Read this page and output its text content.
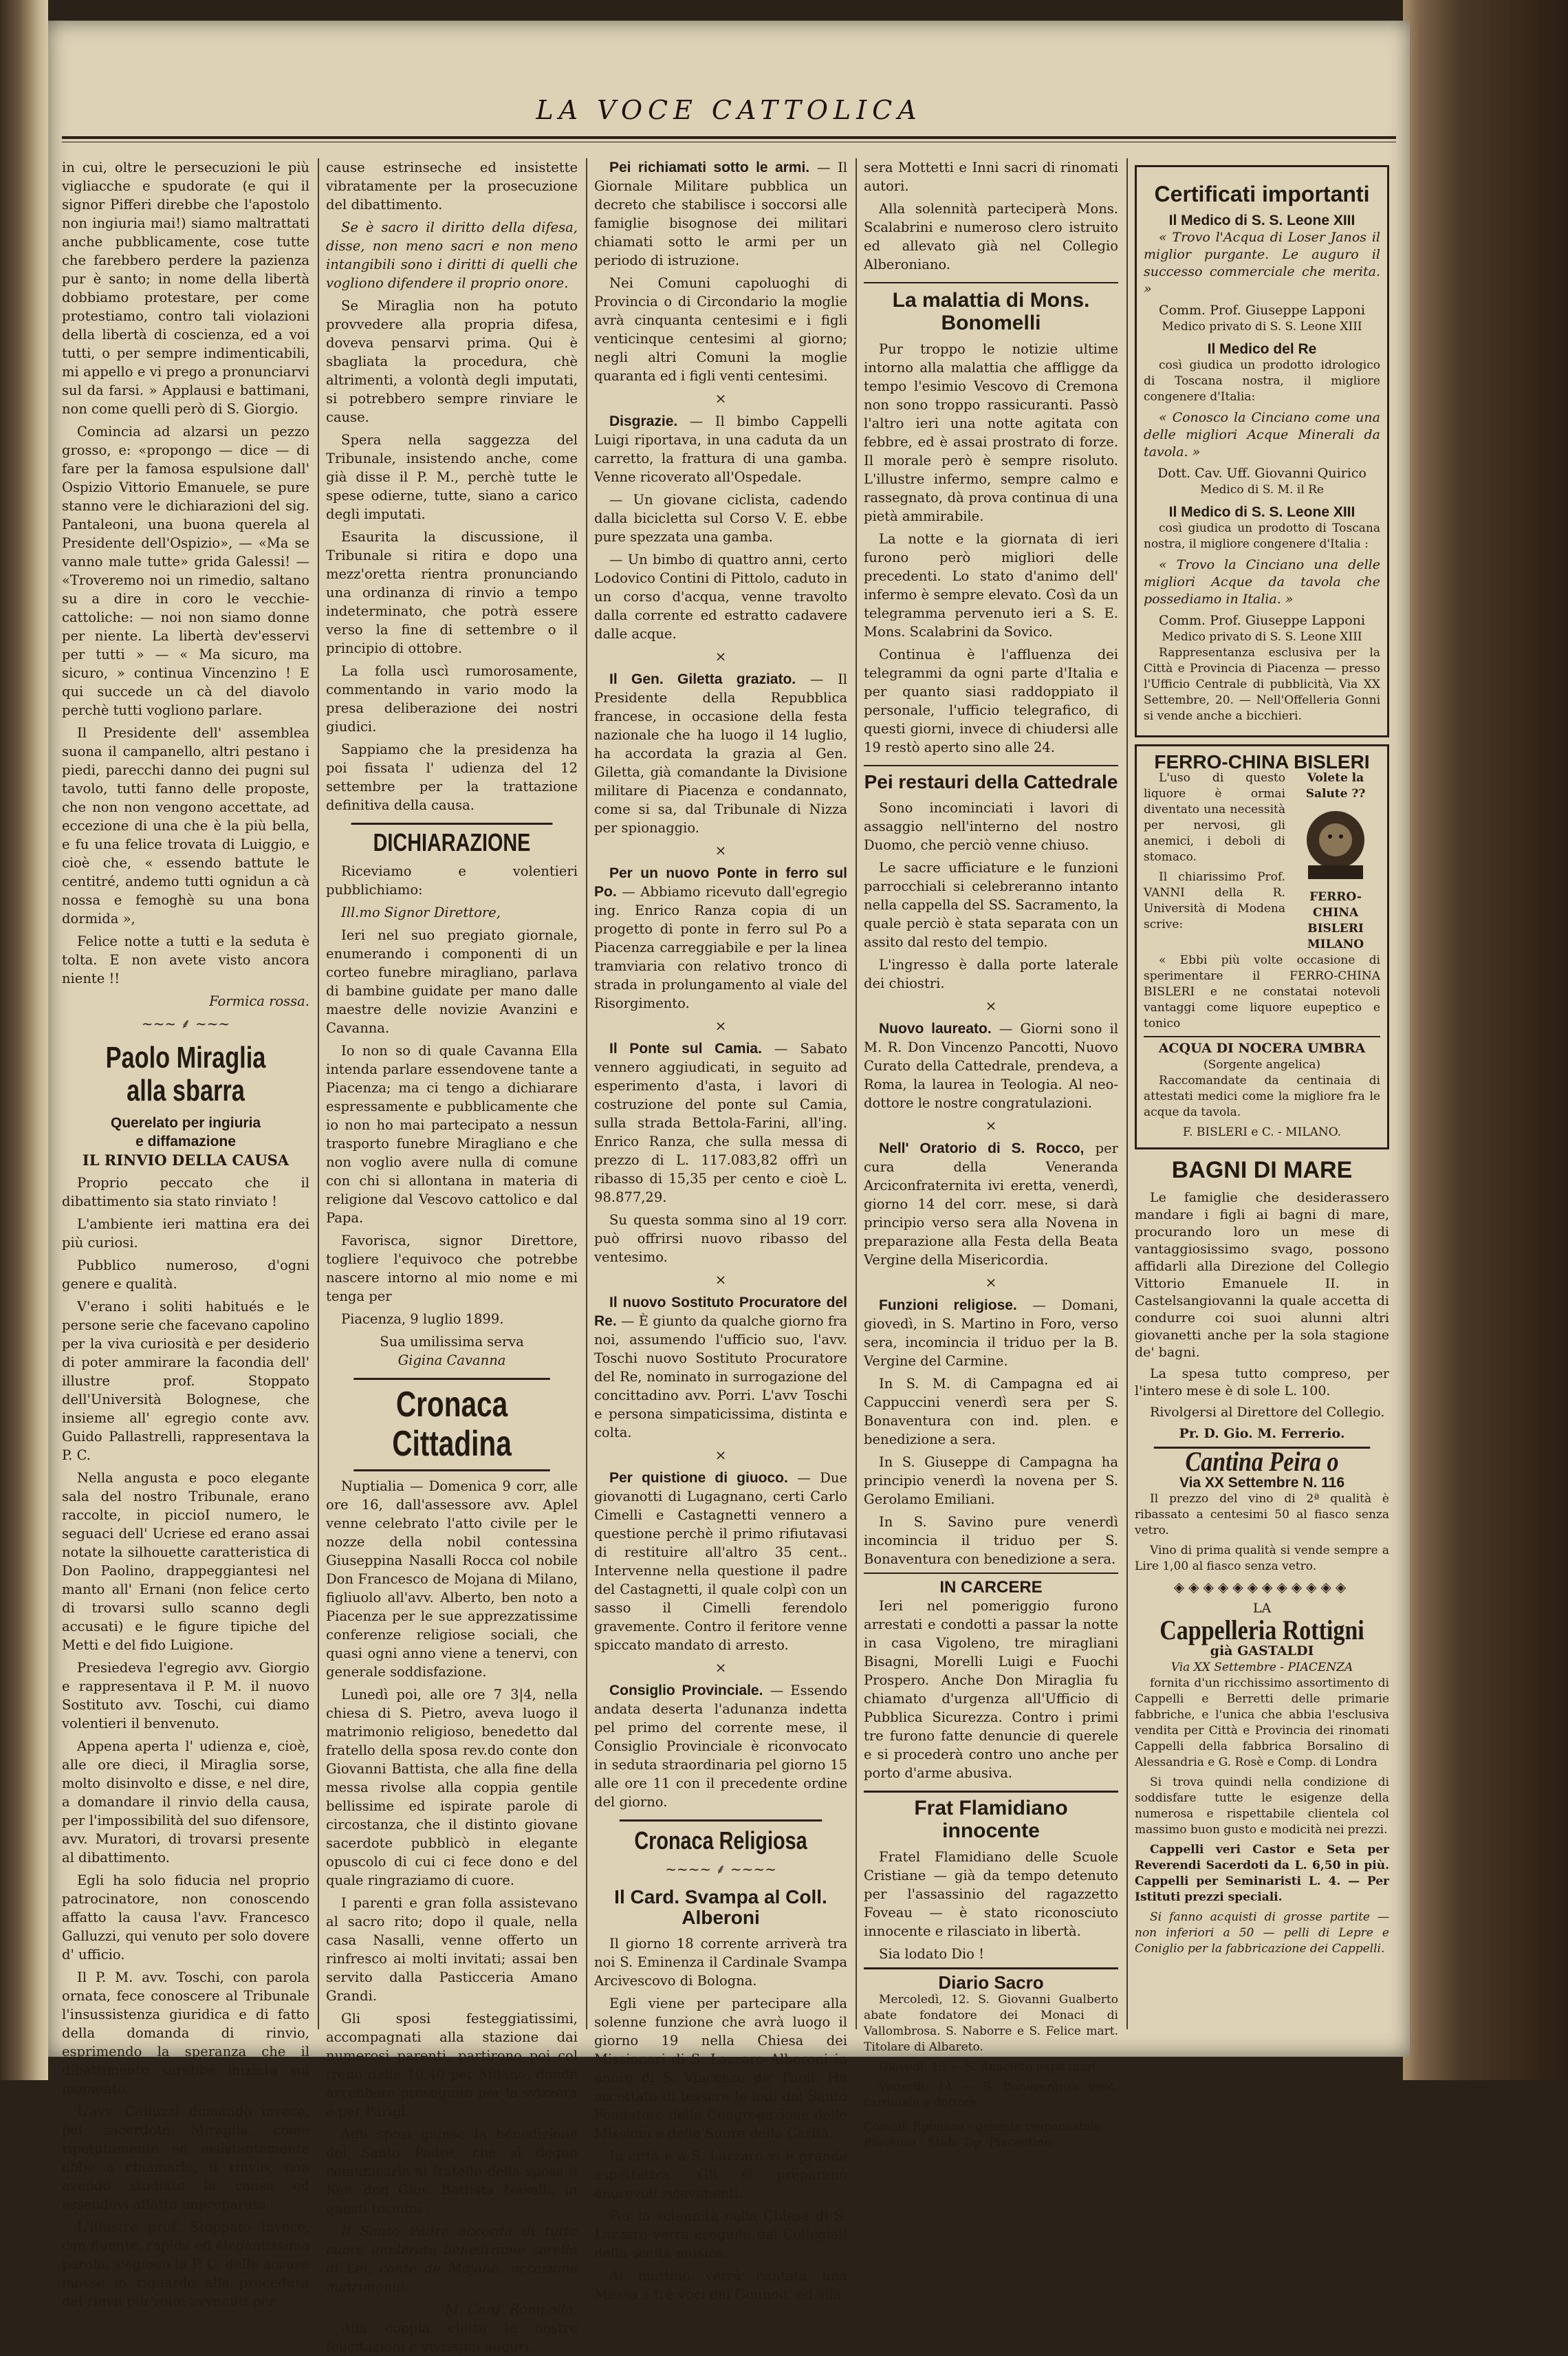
LA VOCE CATTOLICA

in cui, oltre le persecuzioni le più vigliacche e spudorate (e qui il signor Pifferi direbbe che l'apostolo non ingiuria mai!) siamo maltrattati anche pubblicamente, cose tutte che farebbero perdere la pazienza pur è santo; in nome della libertà dobbiamo protestare, per come protestiamo, contro tali violazioni della libertà di coscienza, ed a voi tutti, o per sempre indimenticabili, mi appello e vi prego a pronunciarvi sul da farsi. » Applausi e battimani, non come quelli però di S. Giorgio.

Comincia ad alzarsi un pezzo grosso, e: «propongo — dice — di fare per la famosa espulsione dall' Ospizio Vittorio Emanuele, se pure stanno vere le dichiarazioni del sig. Pantaleoni, una buona querela al Presidente dell'Ospizio», — «Ma se vanno male tutte» grida Galessi! — «Troveremo noi un rimedio, saltano su a dire in coro le vecchie-cattoliche: — noi non siamo donne per niente. La libertà dev'esservi per tutti » — « Ma sicuro, ma sicuro, » continua Vincenzino ! E qui succede un cà del diavolo perchè tutti vogliono parlare.

Il Presidente dell' assemblea suona il campanello, altri pestano i piedi, parecchi danno dei pugni sul tavolo, tutti fanno delle proposte, che non non vengono accettate, ad eccezione di una che è la più bella, e fu una felice trovata di Luiggio, e cioè che, « essendo battute le centitré, andemo tutti ognidun a cà nossa e femoghè su una bona dormida »,

Felice notte a tutti e la seduta è tolta. E non avete visto ancora niente !!

Formica rossa.
~~~ ⸙ ~~~
Paolo Miraglia alla sbarra
Querelato per ingiuria
e diffamazione
IL RINVIO DELLA CAUSA

Proprio peccato che il dibattimento sia stato rinviato !

L'ambiente ieri mattina era dei più curiosi.

Pubblico numeroso, d'ogni genere e qualità.

V'erano i soliti habitués e le persone serie che facevano capolino per la viva curiosità e per desiderio di poter ammirare la facondia dell' illustre prof. Stoppato dell'Università Bolognese, che insieme all' egregio conte avv. Guido Pallastrelli, rappresentava la P. C.

Nella angusta e poco elegante sala del nostro Tribunale, erano raccolte, in piccioI numero, le seguaci dell' Ucriese ed erano assai notate la silhouette caratteristica di Don Paolino, drappeggiantesi nel manto all' Ernani (non felice certo di trovarsi sullo scanno degli accusati) e le figure tipiche del Metti e del fido Luigione.

Presiedeva l'egregio avv. Giorgio e rappresentava il P. M. il nuovo Sostituto avv. Toschi, cui diamo volentieri il benvenuto.

Appena aperta l' udienza e, cioè, alle ore dieci, il Miraglia sorse, molto disinvolto e disse, e nel dire, a domandare il rinvio della causa, per l'impossibilità del suo difensore, avv. Muratori, di trovarsi presente al dibattimento.

Egli ha solo fiducia nel proprio patrocinatore, non conoscendo affatto la causa l'avv. Francesco Galluzzi, qui venuto per solo dovere d' ufficio.

Il P. M. avv. Toschi, con parola ornata, fece conoscere al Tribunale l'insussistenza giuridica e di fatto della domanda di rinvio, esprimendo la speranza che il dibattimento sarebbe iniziato sul momento.

L'avv. Galluzzi domandò invece, pel sacerdote Miraglia, come ripetutamente ed insistentemente ebbe a chiamarlo, il rinvio, non avendo studiato la causa ed essendovi affatto impreparato.

L'illustre prof. Stoppato invece, con fluente, rapida ed elegantissima parola, s'agionò la P. C. delle accuse mosse in riguardo alla procedura dei rinvii più volte avvenuti per

cause estrinseche ed insistette vibratamente per la prosecuzione del dibattimento.

Se è sacro il diritto della difesa, disse, non meno sacri e non meno intangibili sono i diritti di quelli che vogliono difendere il proprio onore.

Se Miraglia non ha potuto provvedere alla propria difesa, doveva pensarvi prima. Qui è sbagliata la procedura, chè altrimenti, a volontà degli imputati, si potrebbero sempre rinviare le cause.

Spera nella saggezza del Tribunale, insistendo anche, come già disse il P. M., perchè tutte le spese odierne, tutte, siano a carico degli imputati.

Esaurita la discussione, il Tribunale si ritira e dopo una mezz'oretta rientra pronunciando una ordinanza di rinvio a tempo indeterminato, che potrà essere verso la fine di settembre o il principio di ottobre.

La folla uscì rumorosamente, commentando in vario modo la presa deliberazione dei nostri giudici.

Sappiamo che la presidenza ha poi fissata l' udienza del 12 settembre per la trattazione definitiva della causa.

DICHIARAZIONE

Riceviamo e volentieri pubblichiamo:

Ill.mo Signor Direttore,

Ieri nel suo pregiato giornale, enumerando i componenti di un corteo funebre miragliano, parlava di bambine guidate per mano dalle maestre delle novizie Avanzini e Cavanna.

Io non so di quale Cavanna Ella intenda parlare essendovene tante a Piacenza; ma ci tengo a dichiarare espressamente e pubblicamente che io non ho mai partecipato a nessun trasporto funebre Miragliano e che non voglio avere nulla di comune con chi si allontana in materia di religione dal Vescovo cattolico e dal Papa.

Favorisca, signor Direttore, togliere l'equivoco che potrebbe nascere intorno al mio nome e mi tenga per

Piacenza, 9 luglio 1899.

Sua umilissima serva
Gigina Cavanna
Cronaca Cittadina

Nuptialia — Domenica 9 corr, alle ore 16, dall'assessore avv. Aplel venne celebrato l'atto civile per le nozze della nobil contessina Giuseppina Nasalli Rocca col nobile Don Francesco de Mojana di Milano, figliuolo all'avv. Alberto, ben noto a Piacenza per le sue apprezzatissime conferenze religiose sociali, che quasi ogni anno viene a tenervi, con generale soddisfazione.

Lunedì poi, alle ore 7 3|4, nella chiesa di S. Pietro, aveva luogo il matrimonio religioso, benedetto dal fratello della sposa rev.do conte don Giovanni Battista, che alla fine della messa rivolse alla coppia gentile bellissime ed ispirate parole di circostanza, che il distinto giovane sacerdote pubblicò in elegante opuscolo di cui ci fece dono e del quale ringraziamo di cuore.

I parenti e gran folla assistevano al sacro rito; dopo il quale, nella casa Nasalli, venne offerto un rinfresco ai molti invitati; assai ben servito dalla Pasticceria Amano Grandi.

Gli sposi festeggiatissimi, accompagnati alla stazione dai numerosi parenti, partirono poi col treno delle 10,40 per Milano, donde avrebbero proseguito per la svizzera e per Parigi.

Agli sposi giunse la benedizione del Santo Padre, che si degnò comunicarla al fratello della sposa il Rev. don Giov. Battista Nasalli, in questi termini :

Il Santo Padre accorda di tutto cuore implorata benedizione sorella di Lei, conte de Mojana, occasione matrimonio.

M. Card. Rompolla.

Alla coppia eletta le nostre felicitazioni e vivissimi auguri.

Pei richiamati sotto le armi. — Il Giornale Militare pubblica un decreto che stabilisce i soccorsi alle famiglie bisognose dei militari chiamati sotto le armi per un periodo di istruzione.

Nei Comuni capoluoghi di Provincia o di Circondario la moglie avrà cinquanta centesimi e i figli venticinque centesimi al giorno; negli altri Comuni la moglie quaranta ed i figli venti centesimi.

×

Disgrazie. — Il bimbo Cappelli Luigi riportava, in una caduta da un carretto, la frattura di una gamba. Venne ricoverato all'Ospedale.

— Un giovane ciclista, cadendo dalla bicicletta sul Corso V. E. ebbe pure spezzata una gamba.

— Un bimbo di quattro anni, certo Lodovico Contini di Pittolo, caduto in un corso d'acqua, venne travolto dalla corrente ed estratto cadavere dalle acque.

×

Il Gen. Giletta graziato. — Il Presidente della Repubblica francese, in occasione della festa nazionale che ha luogo il 14 luglio, ha accordata la grazia al Gen. Giletta, già comandante la Divisione militare di Piacenza e condannato, come si sa, dal Tribunale di Nizza per spionaggio.

×

Per un nuovo Ponte in ferro sul Po. — Abbiamo ricevuto dall'egregio ing. Enrico Ranza copia di un progetto di ponte in ferro sul Po a Piacenza carreggiabile e per la linea tramviaria con relativo tronco di strada in prolungamento al viale del Risorgimento.

×

Il Ponte sul Camia. — Sabato vennero aggiudicati, in seguito ad esperimento d'asta, i lavori di costruzione del ponte sul Camia, sulla strada Bettola-Farini, all'ing. Enrico Ranza, che sulla messa di prezzo di L. 117.083,82 offrì un ribasso di 15,35 per cento e cioè L. 98.877,29.

Su questa somma sino al 19 corr. può offrirsi nuovo ribasso del ventesimo.

×

Il nuovo Sostituto Procuratore del Re. — È giunto da qualche giorno fra noi, assumendo l'ufficio suo, l'avv. Toschi nuovo Sostituto Procuratore del Re, nominato in surrogazione del concittadino avv. Porri. L'avv Toschi e persona simpaticissima, distinta e colta.

×

Per quistione di giuoco. — Due giovanotti di Lugagnano, certi Carlo Cimelli e Castagnetti vennero a questione perchè il primo rifiutavasi di restituire all'altro 35 cent.. Intervenne nella questione il padre del Castagnetti, il quale colpì con un sasso il Cimelli ferendolo gravemente. Contro il feritore venne spiccato mandato di arresto.

×

Consiglio Provinciale. — Essendo andata deserta l'adunanza indetta pel primo del corrente mese, il Consiglio Provinciale è riconvocato in seduta straordinaria pel giorno 15 alle ore 11 con il precedente ordine del giorno.

Cronaca Religiosa
~~~~ ⸙ ~~~~
Il Card. Svampa al Coll. Alberoni

Il giorno 18 corrente arriverà tra noi S. Eminenza il Cardinale Svampa Arcivescovo di Bologna.

Egli viene per partecipare alla solenne funzione che avrà luogo il giorno 19 nella Chiesa dei Missionari di S. Lazzaro Alberoni in onore di S. Vincenzo de' Paoli. Ha accettato di tessere le lodi del Santo Fondatore della Congregazione delle Missioni e delle Suore della Carità.

In città e a S. Lazzaro vi è grande aspettativa. Gli si preparano onorevoli ricevimenti.

Per la solennità nella Chiesa di S. Lazzaro verrà eseguita dai Collegiali della scelta musica.

Al mattino verrà cantata una Messa a tre voci del Gounod, ed alla

sera Mottetti e Inni sacri di rinomati autori.

Alla solennità parteciperà Mons. Scalabrini e numeroso clero istruito ed allevato già nel Collegio Alberoniano.

La malattia di Mons. Bonomelli

Pur troppo le notizie ultime intorno alla malattia che affligge da tempo l'esimio Vescovo di Cremona non sono troppo rassicuranti. Passò l'altro ieri una notte agitata con febbre, ed è assai prostrato di forze. Il morale però è sempre risoluto. L'illustre infermo, sempre calmo e rassegnato, dà prova continua di una pietà ammirabile.

La notte e la giornata di ieri furono però migliori delle precedenti. Lo stato d'animo dell' infermo è sempre elevato. Così da un telegramma pervenuto ieri a S. E. Mons. Scalabrini da Sovico.

Continua è l'affluenza dei telegrammi da ogni parte d'Italia e per quanto siasi raddoppiato il personale, l'ufficio telegrafico, di questi giorni, invece di chiudersi alle 19 restò aperto sino alle 24.

Pei restauri della Cattedrale

Sono incominciati i lavori di assaggio nell'interno del nostro Duomo, che perciò venne chiuso.

Le sacre ufficiature e le funzioni parrocchiali si celebreranno intanto nella cappella del SS. Sacramento, la quale perciò è stata separata con un assito dal resto del tempio.

L'ingresso è dalla porte laterale dei chiostri.

×

Nuovo laureato. — Giorni sono il M. R. Don Vincenzo Pancotti, Nuovo Curato della Cattedrale, prendeva, a Roma, la laurea in Teologia. Al neo-dottore le nostre congratulazioni.

×

Nell' Oratorio di S. Rocco, per cura della Veneranda Arciconfraternita ivi eretta, venerdì, giorno 14 del corr. mese, si darà principio verso sera alla Novena in preparazione alla Festa della Beata Vergine della Misericordia.

×

Funzioni religiose. — Domani, giovedì, in S. Martino in Foro, verso sera, incomincia il triduo per la B. Vergine del Carmine.

In S. M. di Campagna ed ai Cappuccini venerdì sera per S. Bonaventura con ind. plen. e benedizione a sera.

In S. Giuseppe di Campagna ha principio venerdì la novena per S. Gerolamo Emiliani.

In S. Savino pure venerdì incomincia il triduo per S. Bonaventura con benedizione a sera.

IN CARCERE

Ieri nel pomeriggio furono arrestati e condotti a passar la notte in casa Vigoleno, tre miragliani Bisagni, Morelli Luigi e Fuochi Prospero. Anche Don Miraglia fu chiamato d'urgenza all'Ufficio di Pubblica Sicurezza. Contro i primi tre furono fatte denuncie di querele e si procederà contro uno anche per porto d'arme abusiva.

Frat Flamidiano innocente

Fratel Flamidiano delle Scuole Cristiane — già da tempo detenuto per l'assassinio del ragazzetto Foveau — è stato riconosciuto innocente e rilasciato in libertà.

Sia lodato Dio !

Diario Sacro

Mercoledì, 12. S. Giovanni Gualberto abate fondatore dei Monaci di Vallombrosa. S. Naborre e S. Felice mart. Titolare di Albareto.

Giovedì, 13 — S. Anacleto papa mart.

Venerdì, 14 — S. Bonaventura vesc. cardinale e dottore.

Comolli Epimaco - gerente responsabile
Piacenza - Stab. Tip. Piacentino
Certificati importanti
Il Medico di S. S. Leone XIII

« Trovo l'Acqua di Loser Janos il miglior purgante. Le auguro il successo commerciale che merita. »

Comm. Prof. Giuseppe Lapponi
Medico privato di S. S. Leone XIII
Il Medico del Re

così giudica un prodotto idrologico di Toscana nostra, il migliore congenere d'Italia:

« Conosco la Cinciano come una delle migliori Acque Minerali da tavola. »

Dott. Cav. Uff. Giovanni Quirico
Medico di S. M. il Re
Il Medico di S. S. Leone XIII

così giudica un prodotto di Toscana nostra, il migliore congenere d'Italia :

« Trovo la Cinciano una delle migliori Acque da tavola che possediamo in Italia. »

Comm. Prof. Giuseppe Lapponi
Medico privato di S. S. Leone XIII

Rappresentanza esclusiva per la Città e Provincia di Piacenza — presso l'Ufficio Centrale di pubblicità, Via XX Settembre, 20. — Nell'Offelleria Gonni si vende anche a bicchieri.

FERRO-CHINA BISLERI

L'uso di questo liquore è ormai diventato una necessità per nervosi, gli anemici, i deboli di stomaco.

Il chiarissimo Prof. VANNI della R. Università di Modena scrive:

Volete la Salute ??
FERRO-CHINA BISLERI
MILANO

« Ebbi più volte occasione di sperimentare il FERRO-CHINA BISLERI e ne constatai notevoli vantaggi come liquore eupeptico e tonico

ACQUA DI NOCERA UMBRA
(Sorgente angelica)

Raccomandate da centinaia di attestati medici come la migliore fra le acque da tavola.

F. BISLERI e C. - MILANO.
BAGNI DI MARE

Le famiglie che desiderassero mandare i figli ai bagni di mare, procurando loro un mese di vantaggiosissimo svago, possono affidarli alla Direzione del Collegio Vittorio Emanuele II. in Castelsangiovanni la quale accetta di condurre coi suoi alunni altri giovanetti anche per la sola stagione de' bagni.

La spesa tutto compreso, per l'intero mese è di sole L. 100.

Rivolgersi al Direttore del Collegio.

Pr. D. Gio. M. Ferrerio.
Cantina Peira o
Via XX Settembre N. 116

Il prezzo del vino di 2ª qualità è ribassato a centesimi 50 al fiasco senza vetro.

Vino di prima qualità si vende sempre a Lire 1,00 al fiasco senza vetro.

◈◈◈◈◈◈◈◈◈◈◈◈
LA
Cappelleria Rottigni
già GASTALDI
Via XX Settembre - PIACENZA

fornita d'un ricchissimo assortimento di Cappelli e Berretti delle primarie fabbriche, e l'unica che abbia l'esclusiva vendita per Città e Provincia dei rinomati Cappelli della fabbrica Borsalino di Alessandria e G. Rosè e Comp. di Londra

Si trova quindi nella condizione di soddisfare tutte le esigenze della numerosa e rispettabile clientela col massimo buon gusto e modicità nei prezzi.

Cappelli veri Castor e Seta per Reverendi Sacerdoti da L. 6,50 in più. Cappelli per Seminaristi L. 4. — Per Istituti prezzi speciali.

Si fanno acquisti di grosse partite — non inferiori a 50 — pelli di Lepre e Coniglio per la fabbricazione dei Cappelli.
